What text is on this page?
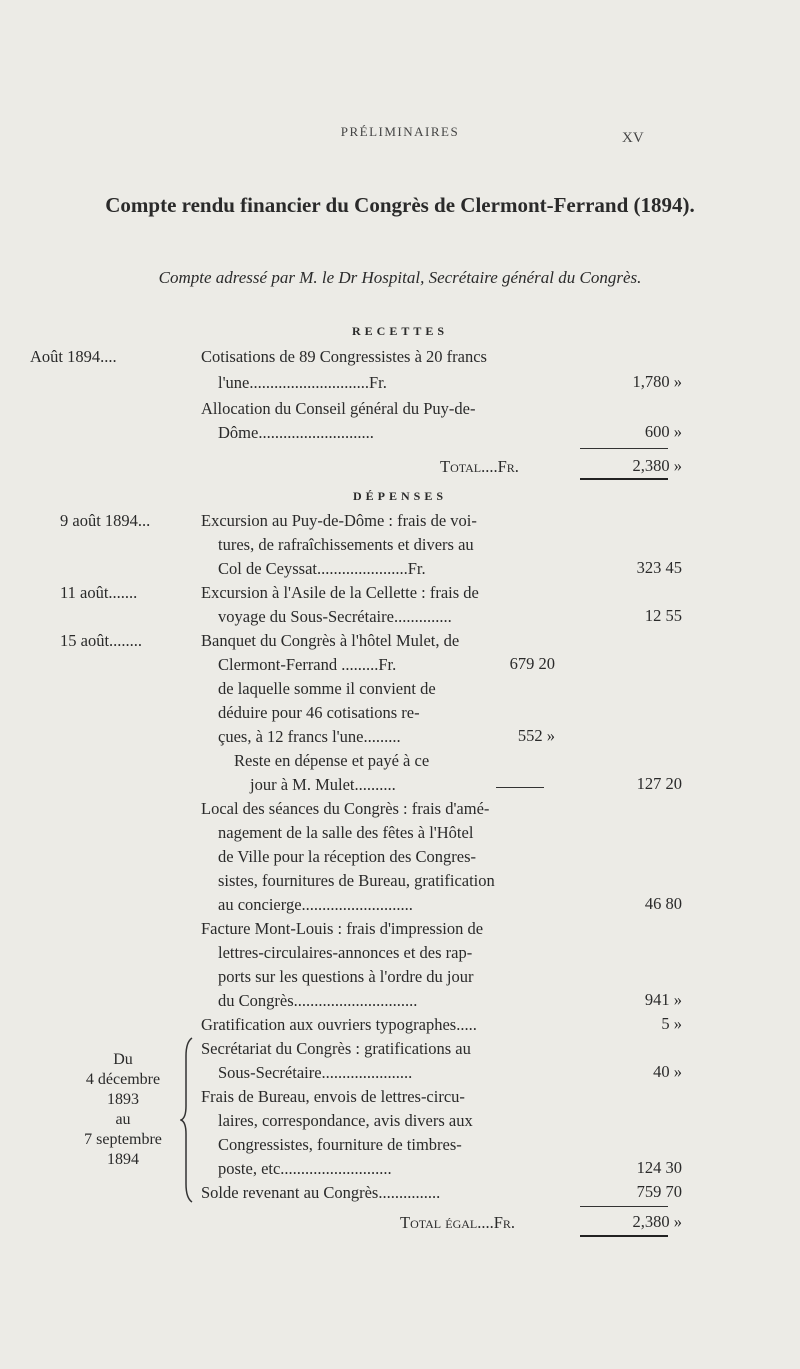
PRÉLIMINAIRES	XV
Compte rendu financier du Congrès de Clermont-Ferrand (1894).
Compte adressé par M. le Dr Hospital, Secrétaire général du Congrès.
RECETTES
Août 1894....	Cotisations de 89 Congressistes à 20 francs
l'une.............................Fr.	1,780 »
Allocation du Conseil général du Puy-de-
Dôme............................	600 »
Total....Fr.	2,380 »
DÉPENSES
9 août 1894...	Excursion au Puy-de-Dôme : frais de voi-
tures, de rafraîchissements et divers au
Col de Ceyssat......................Fr.	323 45
11 août.......	Excursion à l'Asile de la Cellette : frais de
voyage du Sous-Secrétaire..............	12 55
15 août........	Banquet du Congrès à l'hôtel Mulet, de
Clermont-Ferrand .........Fr.	679 20
de laquelle somme il convient de
déduire pour 46 cotisations re-
çues, à 12 francs l'une.........	552 »
Reste en dépense et payé à ce
jour à M. Mulet..........	127 20
Local des séances du Congrès : frais d'amé-
nagement de la salle des fêtes à l'Hôtel
de Ville pour la réception des Congres-
sistes, fournitures de Bureau, gratification
au concierge...........................	46 80
Facture Mont-Louis : frais d'impression de
lettres-circulaires-annonces et des rap-
ports sur les questions à l'ordre du jour
du Congrès..............................	941 »
Gratification aux ouvriers typographes.....	5 »
Du
4 décembre
1893
au
7 septembre
1894
Secrétariat du Congrès : gratifications au
Sous-Secrétaire......................	40 »
Frais de Bureau, envois de lettres-circu-
laires, correspondance, avis divers aux
Congressistes, fourniture de timbres-
poste, etc...........................	124 30
Solde revenant au Congrès...............	759 70
Total égal....Fr.	2,380 »
